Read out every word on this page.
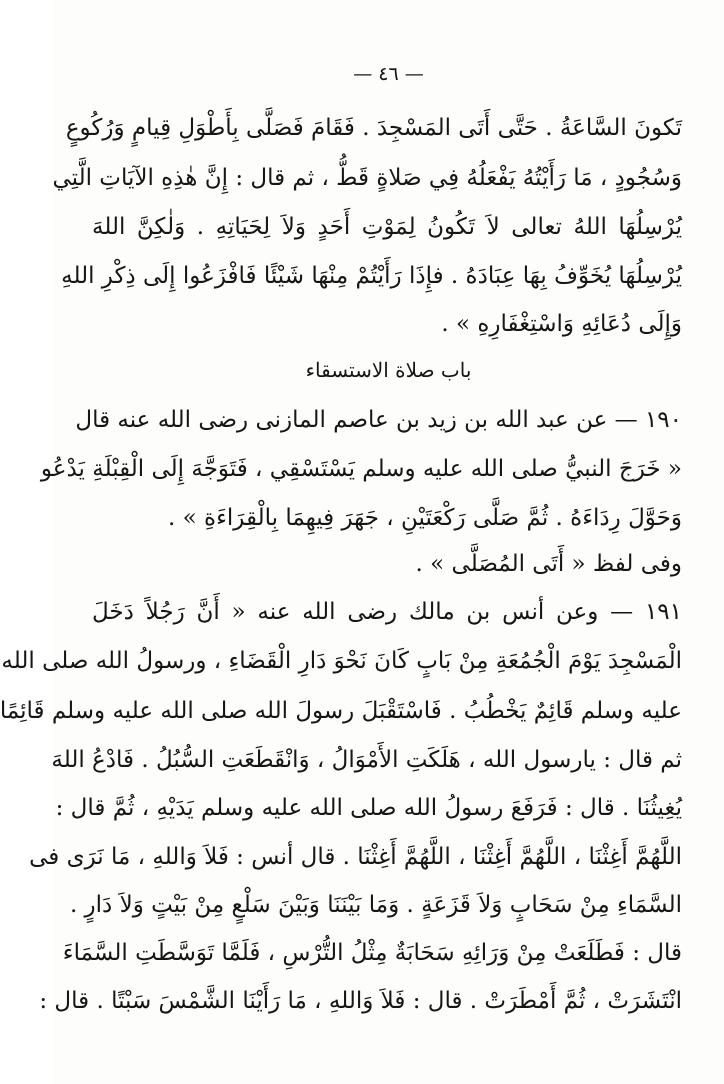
— ٤٦ —
تَكونَ السَّاعَةُ . حَتَّى أَتَى المَسْجِدَ . فَقَامَ فَصَلَّى بِأَطْوَلِ قِيامٍ وَرُكُوعٍ
وَسُجُودٍ ، مَا رَأَيْتُهُ يَفْعَلُهُ فِي صَلاةٍ قَطُّ ، ثم قال : إِنَّ هٰذِهِ الآيَاتِ الَّتِي
يُرْسِلُهَا اللهُ تعالى لاَ تَكُونُ لِمَوْتِ أَحَدٍ وَلاَ لِحَيَاتِهِ . وَلٰكِنَّ اللهَ
يُرْسِلُهَا يُخَوِّفُ بِهَا عِبَادَهُ . فإِذَا رَأَيْتُمْ مِنْهَا شَيْئًا فَافْزَعُوا إِلَى ذِكْرِ اللهِ
وَإِلَى دُعَائِهِ وَاسْتِغْفَارِهِ » .
باب صلاة الاستسقاء
١٩٠ — عن عبد الله بن زيد بن عاصم المازنى رضى الله عنه قال
« خَرَجَ النبيُّ صلى الله عليه وسلم يَسْتَسْقِي ، فَتَوَجَّهَ إِلَى الْقِبْلَةِ يَدْعُو
وَحَوَّلَ رِدَاءَهُ . ثُمَّ صَلَّى رَكْعَتَيْنِ ، جَهَرَ فِيهِمَا بِالْقِرَاءَةِ » .
وفى لفظ « أَتَى المُصَلَّى » .
١٩١ — وعن أنس بن مالك رضى الله عنه « أَنَّ رَجُلاً دَخَلَ
الْمَسْجِدَ يَوْمَ الْجُمُعَةِ مِنْ بَابٍ كَانَ نَحْوَ دَارِ الْقَضَاءِ ، ورسولُ الله صلى الله
عليه وسلم قَائِمٌ يَخْطُبُ . فَاسْتَقْبَلَ رسولَ الله صلى الله عليه وسلم قَائِمًا
ثم قال : يارسول الله ، هَلَكَتِ الأَمْوَالُ ، وَانْقَطَعَتِ السُّبُلُ . فَادْعُ اللهَ
يُغِيثُنَا . قال : فَرَفَعَ رسولُ الله صلى الله عليه وسلم يَدَيْهِ ، ثُمَّ قال :
اللَّهُمَّ أَغِثْنَا ، اللَّهُمَّ أَغِثْنَا ، اللَّهُمَّ أَغِثْنَا . قال أنس : فَلاَ وَاللهِ ، مَا نَرَى فى
السَّمَاءِ مِنْ سَحَابٍ وَلاَ قَزَعَةٍ . وَمَا بَيْنَنَا وَبَيْنَ سَلْعٍ مِنْ بَيْتٍ وَلاَ دَارٍ .
قال : فَطَلَعَتْ مِنْ وَرَائِهِ سَحَابَةٌ مِثْلُ التُّرْسِ ، فَلَمَّا تَوَسَّطَتِ السَّمَاءَ
انْتَشَرَتْ ، ثُمَّ أَمْطَرَتْ . قال : فَلاَ وَاللهِ ، مَا رَأَيْنَا الشَّمْسَ سَبْتًا . قال :
